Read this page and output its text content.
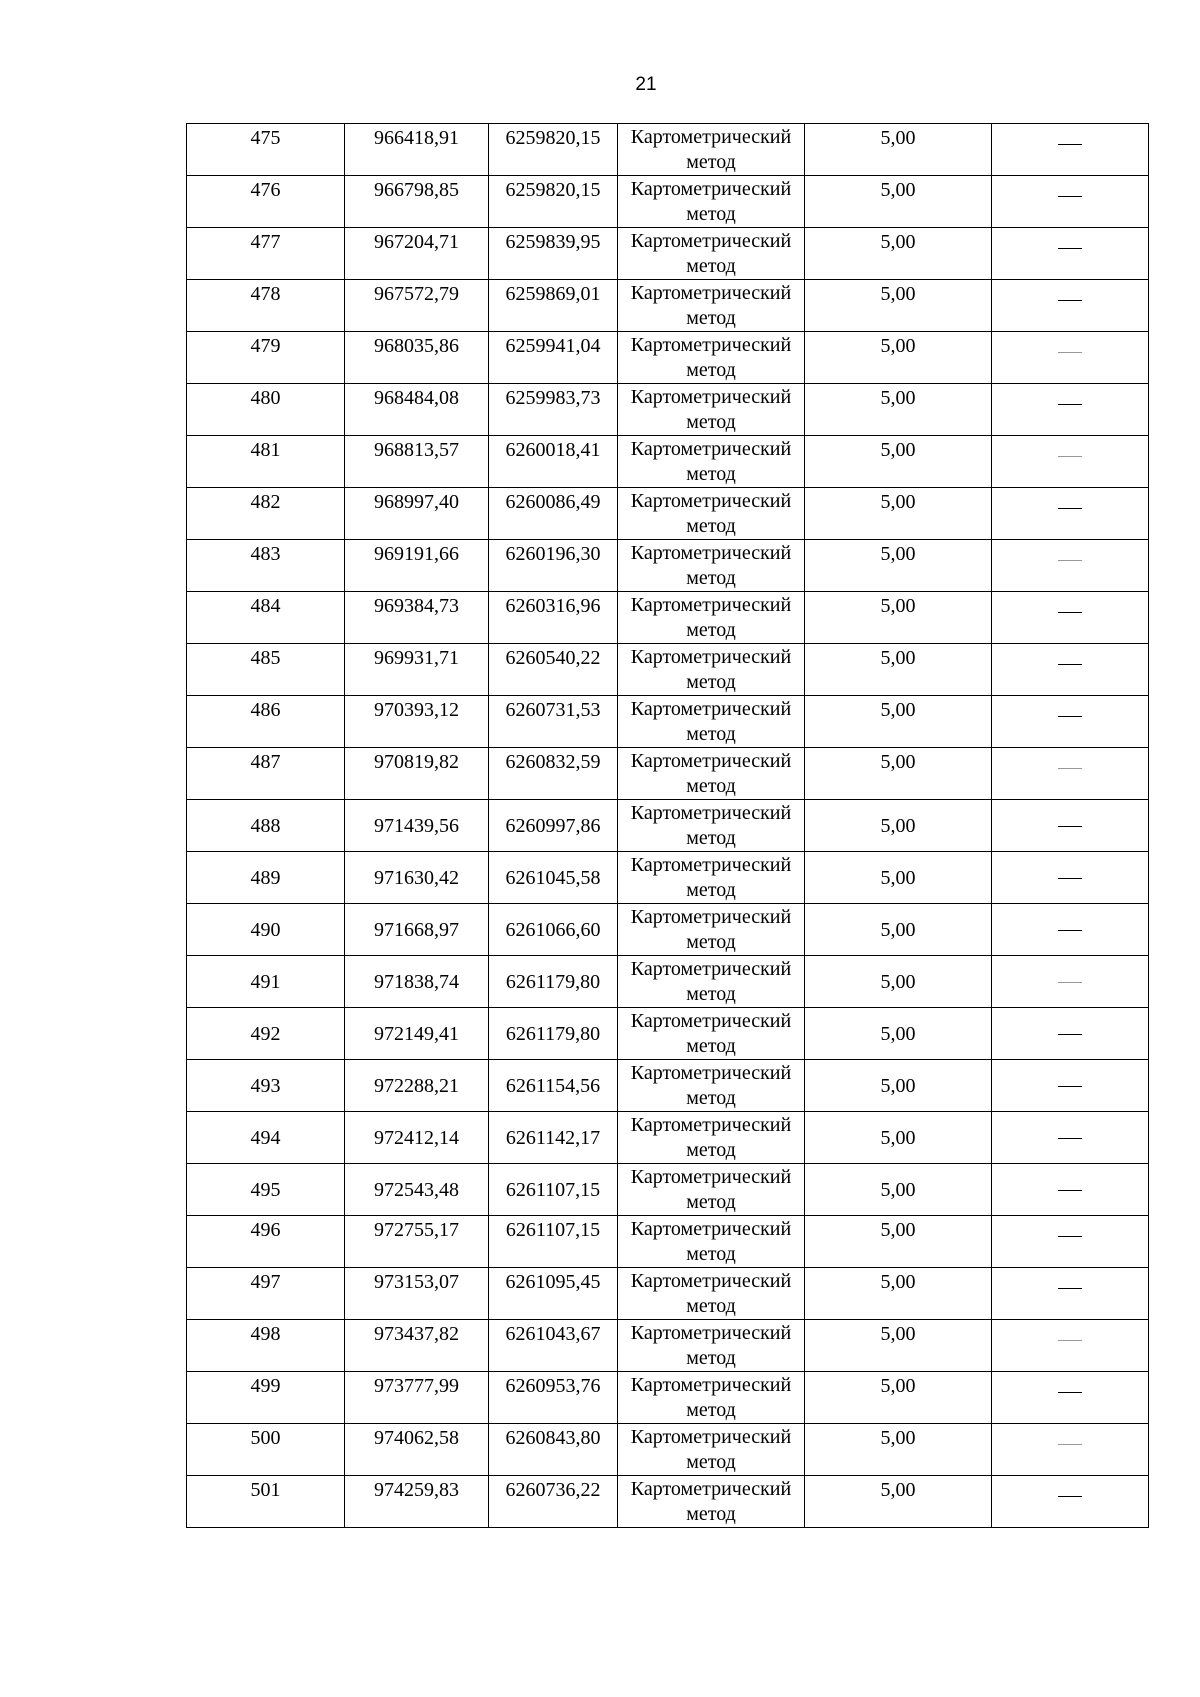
21
475	966418,91	6259820,15	Картометрический метод	5,00

476	966798,85	6259820,15	Картометрический метод	5,00

477	967204,71	6259839,95	Картометрический метод	5,00

478	967572,79	6259869,01	Картометрический метод	5,00

479	968035,86	6259941,04	Картометрический метод	5,00

480	968484,08	6259983,73	Картометрический метод	5,00

481	968813,57	6260018,41	Картометрический метод	5,00

482	968997,40	6260086,49	Картометрический метод	5,00

483	969191,66	6260196,30	Картометрический метод	5,00

484	969384,73	6260316,96	Картометрический метод	5,00

485	969931,71	6260540,22	Картометрический метод	5,00

486	970393,12	6260731,53	Картометрический метод	5,00

487	970819,82	6260832,59	Картометрический метод	5,00

488	971439,56	6260997,86	Картометрический метод	5,00

489	971630,42	6261045,58	Картометрический метод	5,00

490	971668,97	6261066,60	Картометрический метод	5,00

491	971838,74	6261179,80	Картометрический метод	5,00

492	972149,41	6261179,80	Картометрический метод	5,00

493	972288,21	6261154,56	Картометрический метод	5,00

494	972412,14	6261142,17	Картометрический метод	5,00

495	972543,48	6261107,15	Картометрический метод	5,00

496	972755,17	6261107,15	Картометрический метод	5,00

497	973153,07	6261095,45	Картометрический метод	5,00

498	973437,82	6261043,67	Картометрический метод	5,00

499	973777,99	6260953,76	Картометрический метод	5,00

500	974062,58	6260843,80	Картометрический метод	5,00

501	974259,83	6260736,22	Картометрический метод	5,00
